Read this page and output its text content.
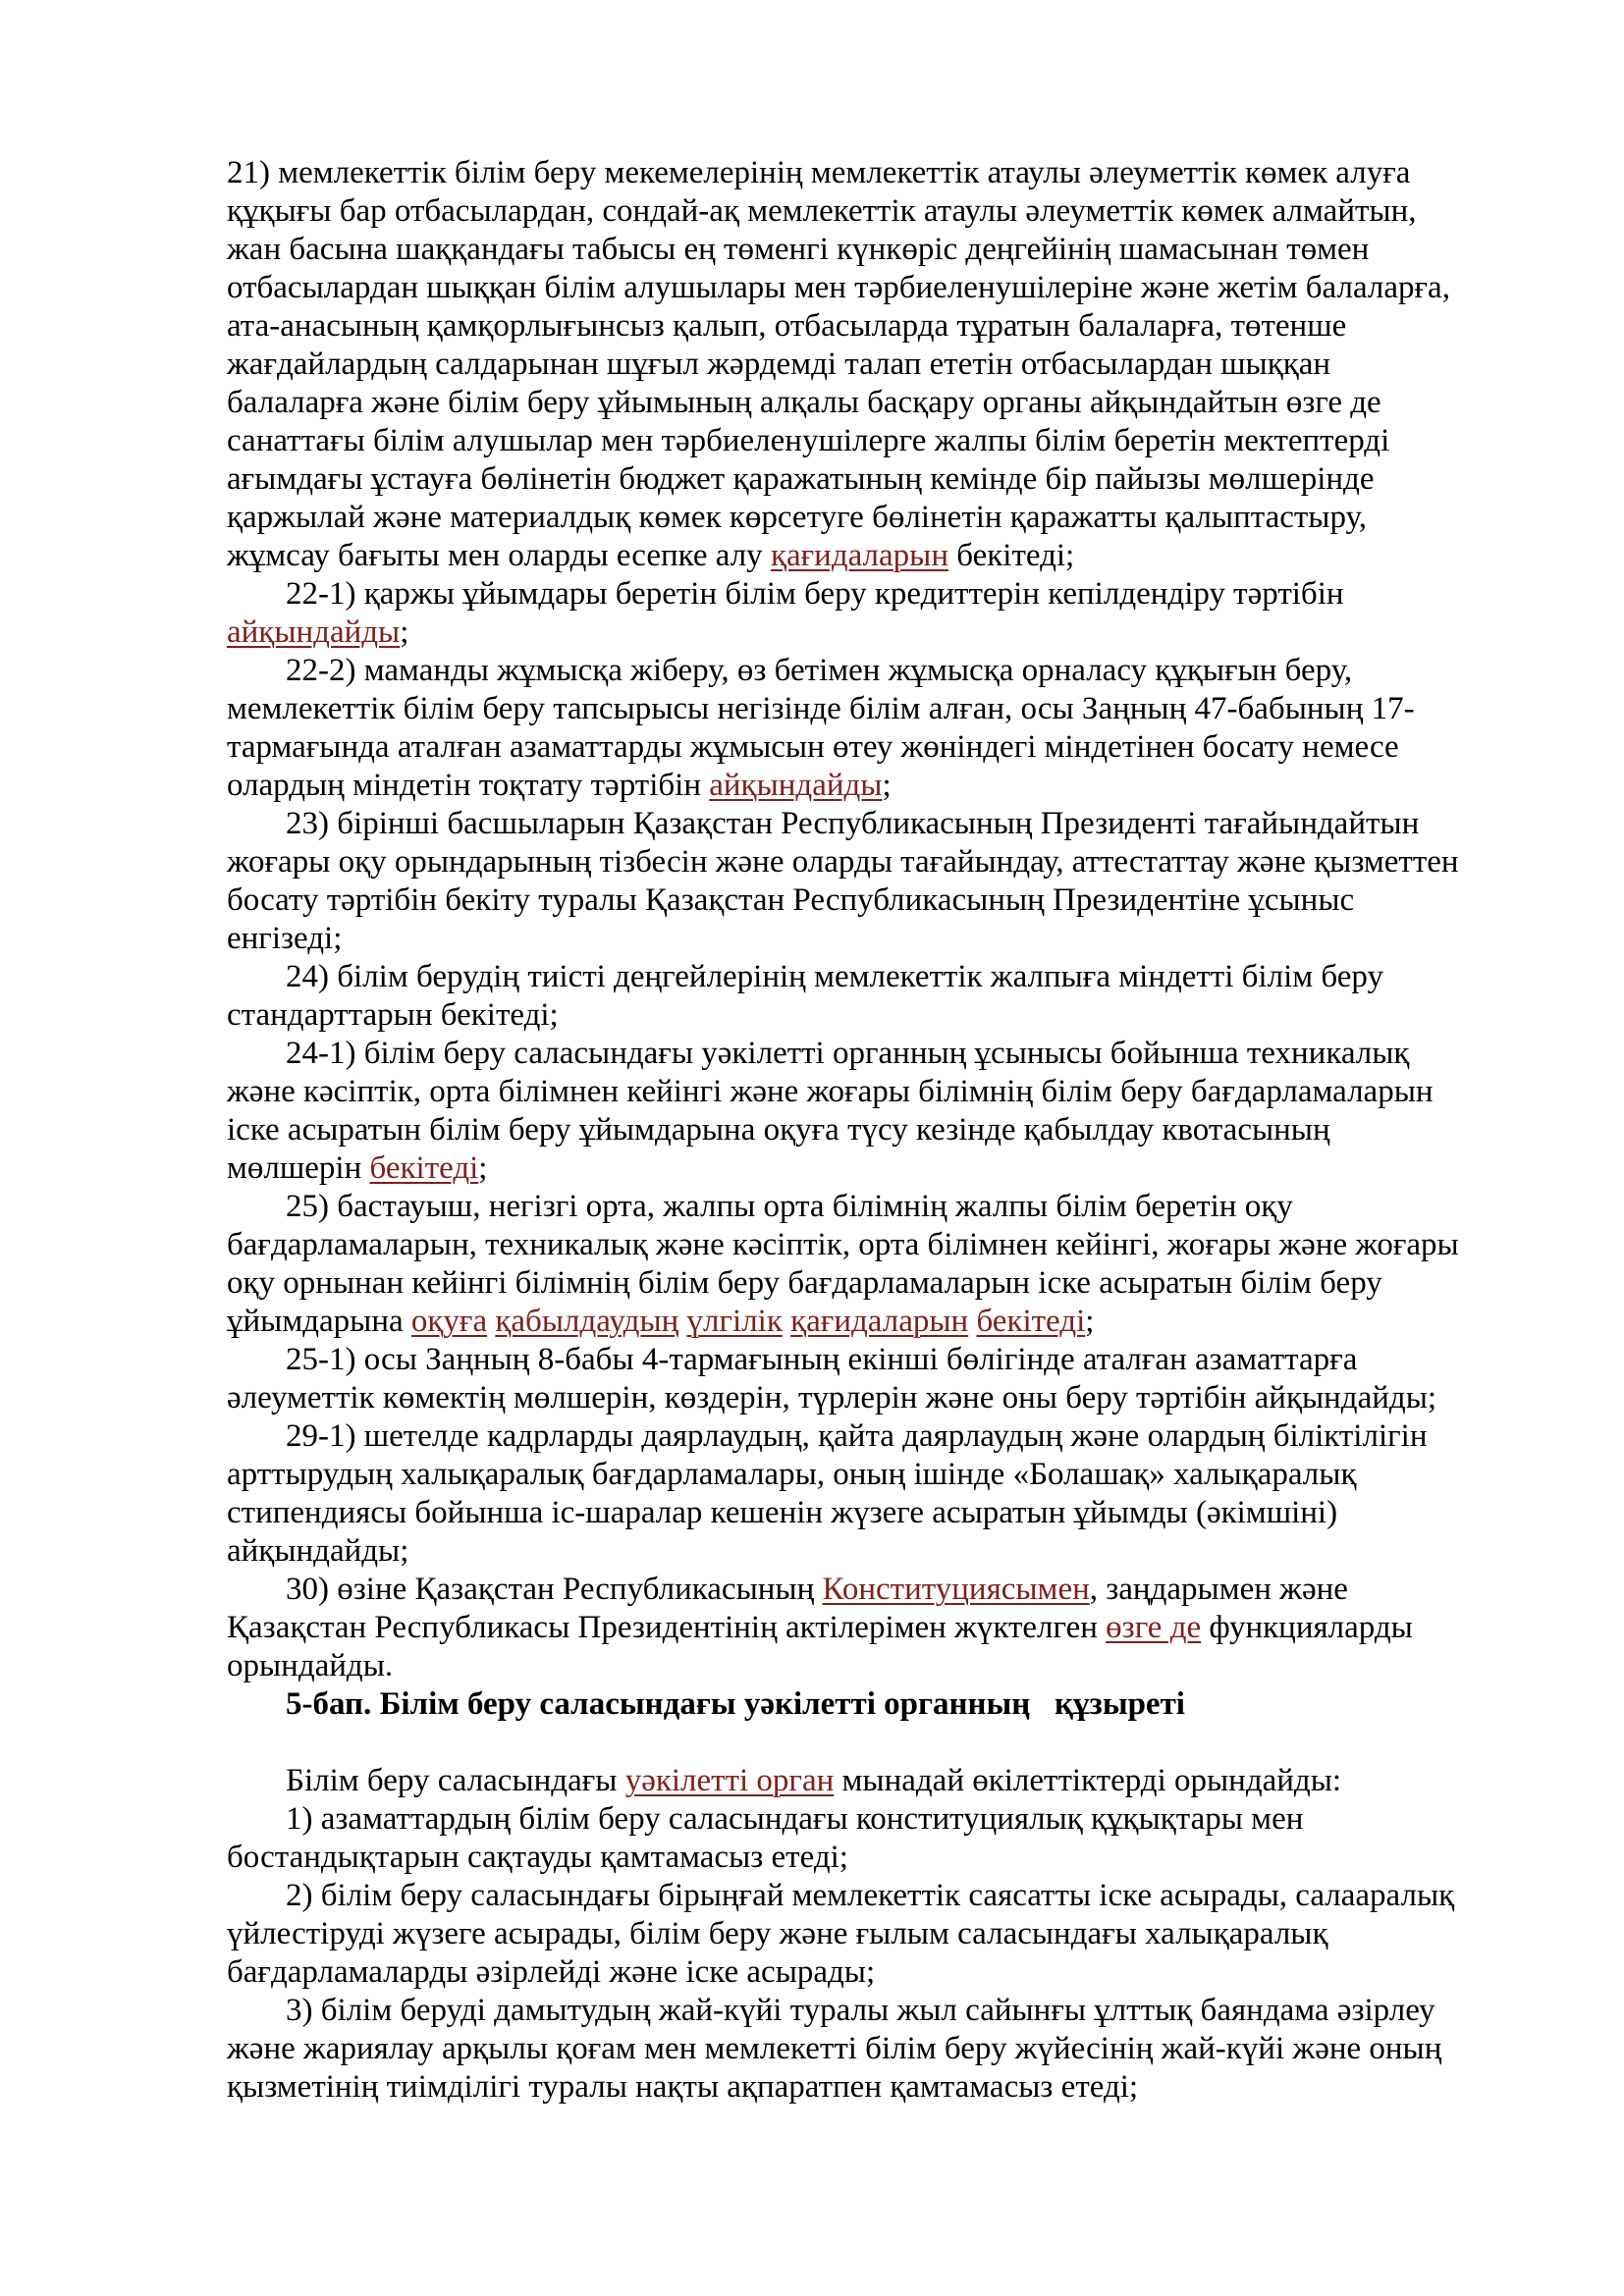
21) мемлекеттік білім беру мекемелерінің мемлекеттік атаулы әлеуметтік көмек алуға құқығы бар отбасылардан, сондай-ақ мемлекеттік атаулы әлеуметтік көмек алмайтын, жан басына шаққандағы табысы ең төменгі күнкөріс деңгейінің шамасынан төмен отбасылардан шыққан білім алушылары мен тәрбиеленушілеріне және жетім балаларға, ата-анасының қамқорлығынсыз қалып, отбасыларда тұратын балаларға, төтенше жағдайлардың салдарынан шұғыл жәрдемді талап ететін отбасылардан шыққан балаларға және білім беру ұйымының алқалы басқару органы айқындайтын өзге де санаттағы білім алушылар мен тәрбиеленушілерге жалпы білім беретін мектептерді ағымдағы ұстауға бөлінетін бюджет қаражатының кемінде бір пайызы мөлшерінде қаржылай және материалдық көмек көрсетуге бөлінетін қаражатты қалыптастыру, жұмсау бағыты мен оларды есепке алу қағидаларын бекітеді;

22-1) қаржы ұйымдары беретін білім беру кредиттерін кепілдендіру тәртібін айқындайды;

22-2) маманды жұмысқа жіберу, өз бетімен жұмысқа орналасу құқығын беру, мемлекеттік білім беру тапсырысы негізінде білім алған, осы Заңның 47-бабының 17-тармағында аталған азаматтарды жұмысын өтеу жөніндегі міндетінен босату немесе олардың міндетін тоқтату тәртібін айқындайды;

23) бірінші басшыларын Қазақстан Республикасының Президенті тағайындайтын жоғары оқу орындарының тізбесін және оларды тағайындау, аттестаттау және қызметтен босату тәртібін бекіту туралы Қазақстан Республикасының Президентіне ұсыныс енгізеді;

24) білім берудің тиісті деңгейлерінің мемлекеттік жалпыға міндетті білім беру стандарттарын бекітеді;

24-1) білім беру саласындағы уәкілетті органның ұсынысы бойынша техникалық және кәсіптік, орта білімнен кейінгі және жоғары білімнің білім беру бағдарламаларын іске асыратын білім беру ұйымдарына оқуға түсу кезінде қабылдау квотасының мөлшерін бекітеді;

25) бастауыш, негізгі орта, жалпы орта білімнің жалпы білім беретін оқу бағдарламаларын, техникалық және кәсіптік, орта білімнен кейінгі, жоғары және жоғары оқу орнынан кейінгі білімнің білім беру бағдарламаларын іске асыратын білім беру ұйымдарына оқуға қабылдаудың үлгілік қағидаларын бекітеді;

25-1) осы Заңның 8-бабы 4-тармағының екінші бөлігінде аталған азаматтарға әлеуметтік көмектің мөлшерін, көздерін, түрлерін және оны беру тәртібін айқындайды;

29-1) шетелде кадрларды даярлаудың, қайта даярлаудың және олардың біліктілігін арттырудың халықаралық бағдарламалары, оның ішінде «Болашақ» халықаралық стипендиясы бойынша іс-шаралар кешенін жүзеге асыратын ұйымды (әкімшіні) айқындайды;

30) өзіне Қазақстан Республикасының Конституциясымен, заңдарымен және Қазақстан Республикасы Президентінің актілерімен жүктелген өзге де функцияларды орындайды.

5-бап. Білім беру саласындағы уәкілетті органның   құзыреті

Білім беру саласындағы уәкілетті орган мынадай өкілеттіктерді орындайды:

1) азаматтардың білім беру саласындағы конституциялық құқықтары мен бостандықтарын сақтауды қамтамасыз етеді;

2) білім беру саласындағы бірыңғай мемлекеттік саясатты іске асырады, салааралық үйлестіруді жүзеге асырады, білім беру және ғылым саласындағы халықаралық бағдарламаларды әзірлейді және іске асырады;

3) білім беруді дамытудың жай-күйі туралы жыл сайынғы ұлттық баяндама әзірлеу және жариялау арқылы қоғам мен мемлекетті білім беру жүйесінің жай-күйі және оның қызметінің тиімділігі туралы нақты ақпаратпен қамтамасыз етеді;
